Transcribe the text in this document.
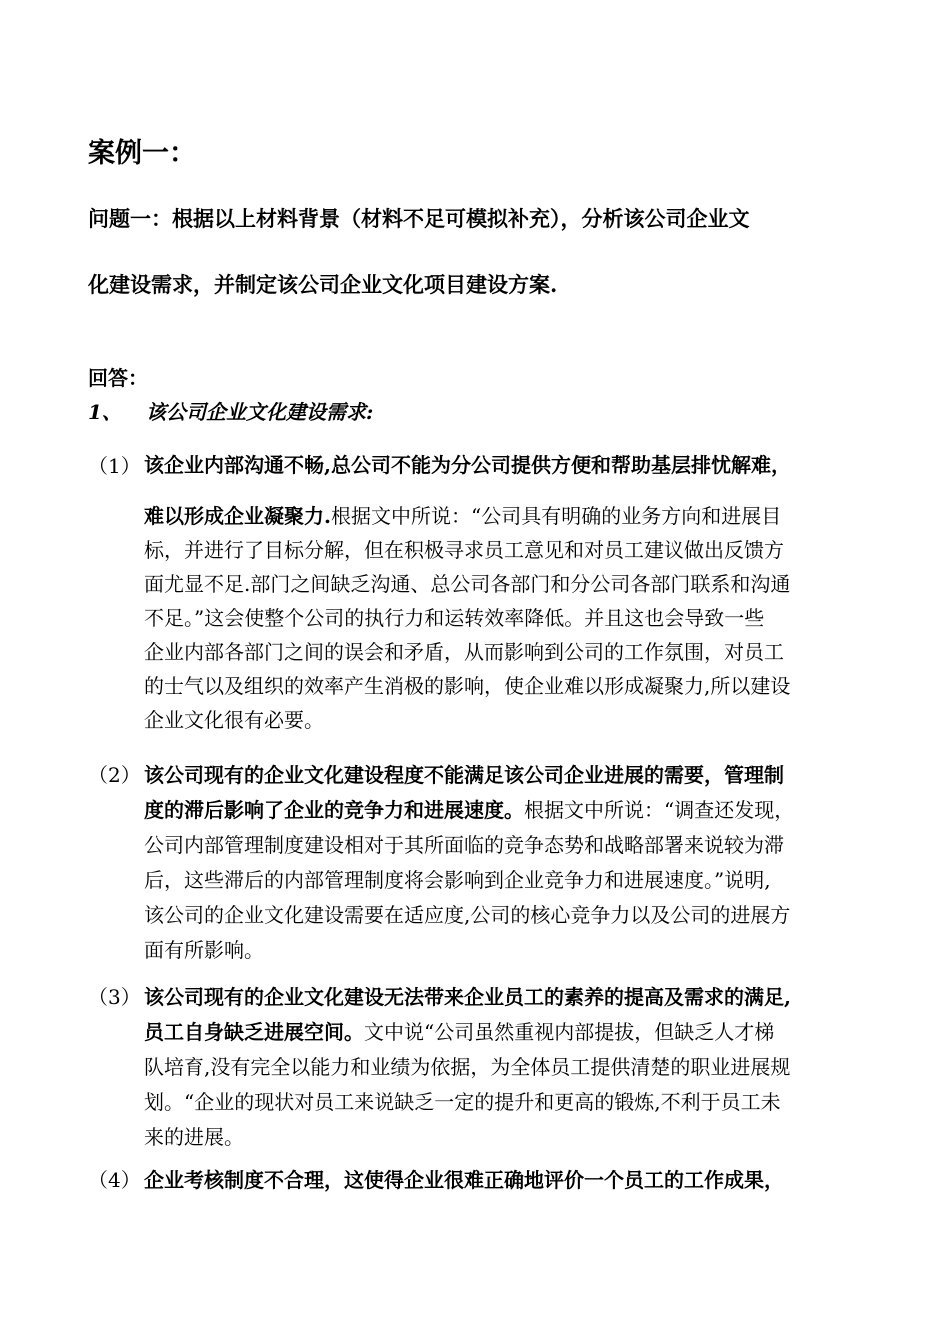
案例一：
问题一：根据以上材料背景（材料不足可模拟补充），分析该公司企业文
化建设需求，并制定该公司企业文化项目建设方案.
回答：
1、 该公司企业文化建设需求:
（1） 该企业内部沟通不畅,总公司不能为分公司提供方便和帮助基层排忧解难，
难以形成企业凝聚力.根据文中所说：“公司具有明确的业务方向和进展目
标，并进行了目标分解，但在积极寻求员工意见和对员工建议做出反馈方
面尤显不足.部门之间缺乏沟通、总公司各部门和分公司各部门联系和沟通
不足。”这会使整个公司的执行力和运转效率降低。并且这也会导致一些
企业内部各部门之间的误会和矛盾，从而影响到公司的工作氛围，对员工
的士气以及组织的效率产生消极的影响，使企业难以形成凝聚力,所以建设
企业文化很有必要。
（2） 该公司现有的企业文化建设程度不能满足该公司企业进展的需要，管理制
度的滞后影响了企业的竞争力和进展速度。根据文中所说：“调查还发现，
公司内部管理制度建设相对于其所面临的竞争态势和战略部署来说较为滞
后，这些滞后的内部管理制度将会影响到企业竞争力和进展速度。”说明,
该公司的企业文化建设需要在适应度,公司的核心竞争力以及公司的进展方
面有所影响。
（3） 该公司现有的企业文化建设无法带来企业员工的素养的提高及需求的满足,
员工自身缺乏进展空间。文中说“公司虽然重视内部提拔，但缺乏人才梯
队培育,没有完全以能力和业绩为依据，为全体员工提供清楚的职业进展规
划。“企业的现状对员工来说缺乏一定的提升和更高的锻炼,不利于员工未
来的进展。
（4） 企业考核制度不合理，这使得企业很难正确地评价一个员工的工作成果，
